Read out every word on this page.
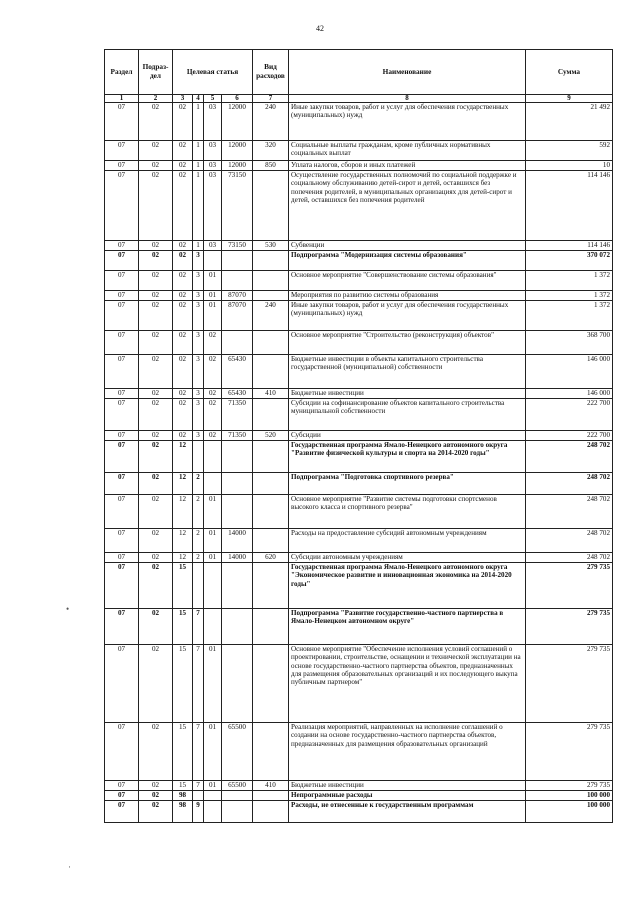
42
•
·
Раздел	Подраз-дел	Целевая статья				Вид расходов	Наименование	Сумма
1	2	3	4	5	6	7	8	9
07	02	02	1	03	12000	240	Иные закупки товаров, работ и услуг для обеспечения государственных (муниципальных) нужд	21 492
07	02	02	1	03	12000	320	Социальные выплаты гражданам, кроме публичных нормативных социальных выплат	592
07	02	02	1	03	12000	850	Уплата налогов, сборов и иных платежей	10
07	02	02	1	03	73150		Осуществление государственных полномочий по социальной поддержке и социальному обслуживанию детей-сирот и детей, оставшихся без попечения родителей, в муниципальных организациях для детей-сирот и детей, оставшихся без попечения родителей	114 146
07	02	02	1	03	73150	530	Субвенции	114 146
07	02	02	3				Подпрограмма "Модернизация системы образования"	370 072
07	02	02	3	01			Основное мероприятие "Совершенствование системы образования"	1 372
07	02	02	3	01	87070		Мероприятия по развитию системы образования	1 372
07	02	02	3	01	87070	240	Иные закупки товаров, работ и услуг для обеспечения государственных (муниципальных) нужд	1 372
07	02	02	3	02			Основное мероприятие "Строительство (реконструкция) объектов"	368 700
07	02	02	3	02	65430		Бюджетные инвестиции в объекты капитального строительства государственной (муниципальной) собственности	146 000
07	02	02	3	02	65430	410	Бюджетные инвестиции	146 000
07	02	02	3	02	71350		Субсидии на софинансирование объектов капитального строительства муниципальной собственности	222 700
07	02	02	3	02	71350	520	Субсидии	222 700
07	02	12					Государственная программа Ямало-Ненецкого автономного округа "Развитие физической культуры и спорта на 2014-2020 годы"	248 702
07	02	12	2				Подпрограмма "Подготовка спортивного резерва"	248 702
07	02	12	2	01			Основное мероприятие "Развитие системы подготовки спортсменов высокого класса и спортивного резерва"	248 702
07	02	12	2	01	14000		Расходы на предоставление субсидий автономным учреждениям	248 702
07	02	12	2	01	14000	620	Субсидии автономным учреждениям	248 702
07	02	15					Государственная программа Ямало-Ненецкого автономного округа "Экономическое развитие и инновационная экономика на 2014-2020 годы"	279 735
07	02	15	7				Подпрограмма "Развитие государственно-частного партнерства в Ямало-Ненецком автономном округе"	279 735
07	02	15	7	01			Основное мероприятие "Обеспечение исполнения условий соглашений о проектировании, строительстве, оснащении и технической эксплуатации на основе государственно-частного партнерства объектов, предназначенных для размещения образовательных организаций и их последующего выкупа публичным партнером"	279 735
07	02	15	7	01	65500		Реализация мероприятий, направленных на исполнение соглашений о создании на основе государственно-частного партнерства объектов, предназначенных для размещения образовательных организаций	279 735
07	02	15	7	01	65500	410	Бюджетные инвестиции	279 735
07	02	98					Непрограммные расходы	100 000
07	02	98	9				Расходы, не отнесенные к государственным программам	100 000
